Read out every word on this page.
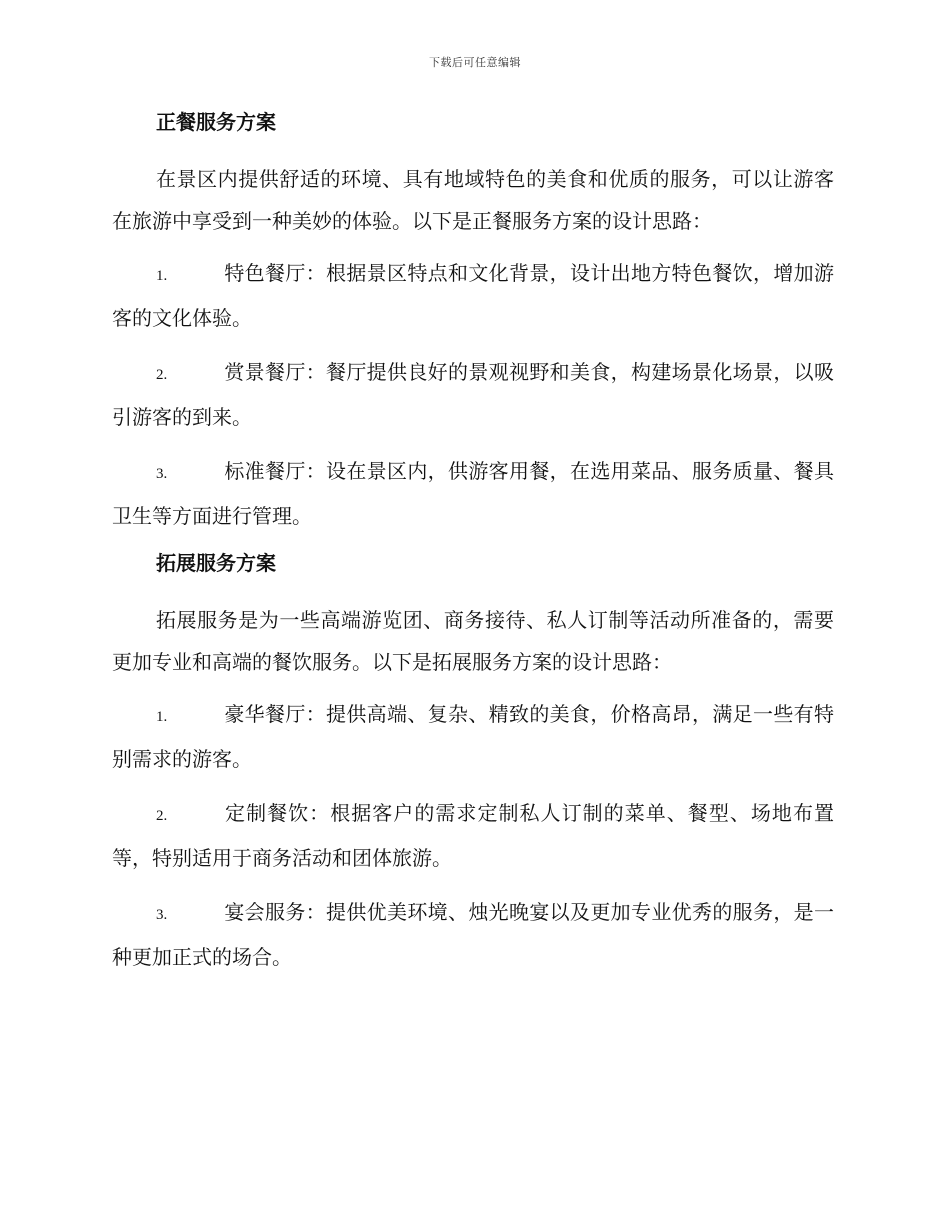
下载后可任意编辑
正餐服务方案

在景区内提供舒适的环境、具有地域特色的美食和优质的服务，可以让游客在旅游中享受到一种美妙的体验。以下是正餐服务方案的设计思路：

1.	特色餐厅：根据景区特点和文化背景，设计出地方特色餐饮，增加游客的文化体验。
2.	赏景餐厅：餐厅提供良好的景观视野和美食，构建场景化场景，以吸引游客的到来。
3.	标准餐厅：设在景区内，供游客用餐，在选用菜品、服务质量、餐具卫生等方面进行管理。
拓展服务方案

拓展服务是为一些高端游览团、商务接待、私人订制等活动所准备的，需要更加专业和高端的餐饮服务。以下是拓展服务方案的设计思路：

1.	豪华餐厅：提供高端、复杂、精致的美食，价格高昂，满足一些有特别需求的游客。
2.	定制餐饮：根据客户的需求定制私人订制的菜单、餐型、场地布置等，特别适用于商务活动和团体旅游。
3.	宴会服务：提供优美环境、烛光晚宴以及更加专业优秀的服务，是一种更加正式的场合。
